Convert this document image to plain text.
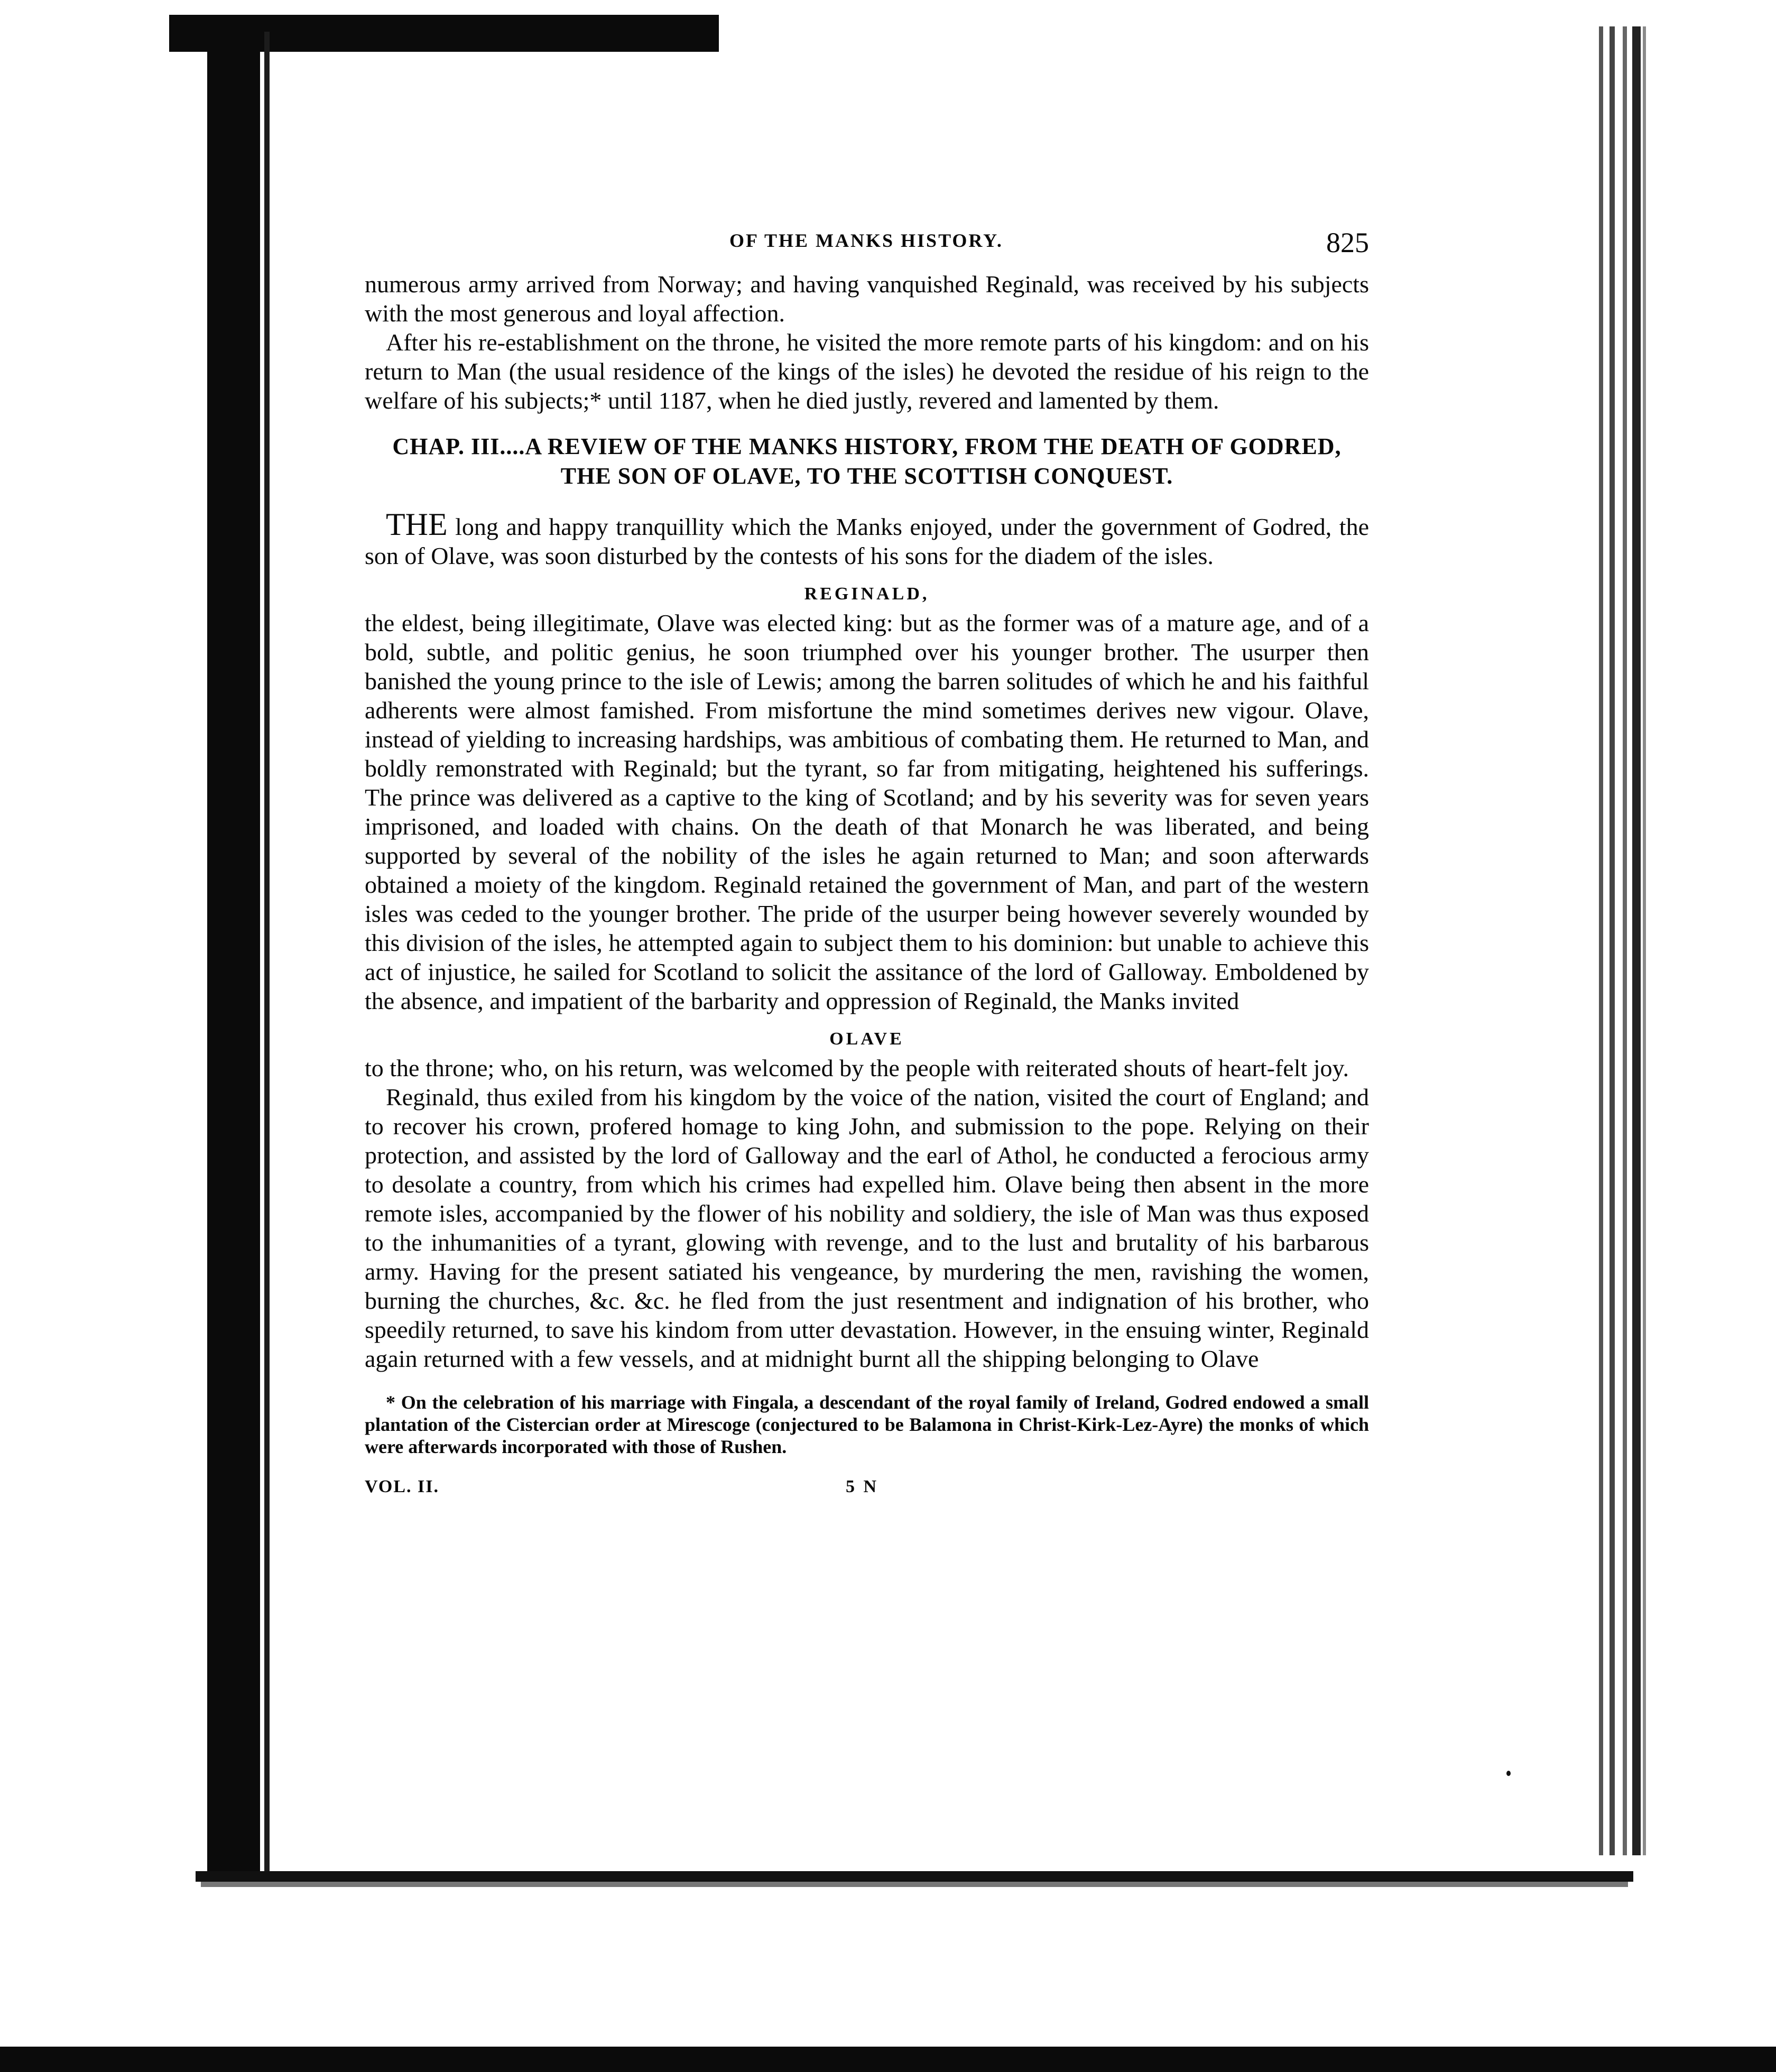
OF THE MANKS HISTORY.	825

numerous army arrived from Norway; and having vanquished Reginald, was received by his subjects with the most generous and loyal affection.

After his re-establishment on the throne, he visited the more remote parts of his kingdom: and on his return to Man (the usual residence of the kings of the isles) he devoted the residue of his reign to the welfare of his subjects;* until 1187, when he died justly, revered and lamented by them.

CHAP. III....A REVIEW OF THE MANKS HISTORY, FROM THE DEATH OF GODRED,
THE SON OF OLAVE, TO THE SCOTTISH CONQUEST.

THE long and happy tranquillity which the Manks enjoyed, under the government of Godred, the son of Olave, was soon disturbed by the contests of his sons for the diadem of the isles.

REGINALD,

the eldest, being illegitimate, Olave was elected king: but as the former was of a mature age, and of a bold, subtle, and politic genius, he soon triumphed over his younger brother. The usurper then banished the young prince to the isle of Lewis; among the barren solitudes of which he and his faithful adherents were almost famished. From misfortune the mind sometimes derives new vigour. Olave, instead of yielding to increasing hardships, was ambitious of combating them. He returned to Man, and boldly remonstrated with Reginald; but the tyrant, so far from mitigating, heightened his sufferings. The prince was delivered as a captive to the king of Scotland; and by his severity was for seven years imprisoned, and loaded with chains. On the death of that Monarch he was liberated, and being supported by several of the nobility of the isles he again returned to Man; and soon afterwards obtained a moiety of the kingdom. Reginald retained the government of Man, and part of the western isles was ceded to the younger brother. The pride of the usurper being however severely wounded by this division of the isles, he attempted again to subject them to his dominion: but unable to achieve this act of injustice, he sailed for Scotland to solicit the assitance of the lord of Galloway. Emboldened by the absence, and impatient of the barbarity and oppression of Reginald, the Manks invited

OLAVE

to the throne; who, on his return, was welcomed by the people with reiterated shouts of heart-felt joy.

Reginald, thus exiled from his kingdom by the voice of the nation, visited the court of England; and to recover his crown, profered homage to king John, and submission to the pope. Relying on their protection, and assisted by the lord of Galloway and the earl of Athol, he conducted a ferocious army to desolate a country, from which his crimes had expelled him. Olave being then absent in the more remote isles, accompanied by the flower of his nobility and soldiery, the isle of Man was thus exposed to the inhumanities of a tyrant, glowing with revenge, and to the lust and brutality of his barbarous army. Having for the present satiated his vengeance, by murdering the men, ravishing the women, burning the churches, &c. &c. he fled from the just resentment and indignation of his brother, who speedily returned, to save his kindom from utter devastation. However, in the ensuing winter, Reginald again returned with a few vessels, and at midnight burnt all the shipping belonging to Olave

* On the celebration of his marriage with Fingala, a descendant of the royal family of Ireland, Godred endowed a small plantation of the Cistercian order at Mirescoge (conjectured to be Balamona in Christ-Kirk-Lez-Ayre) the monks of which were afterwards incorporated with those of Rushen.

VOL. II.	5 N
